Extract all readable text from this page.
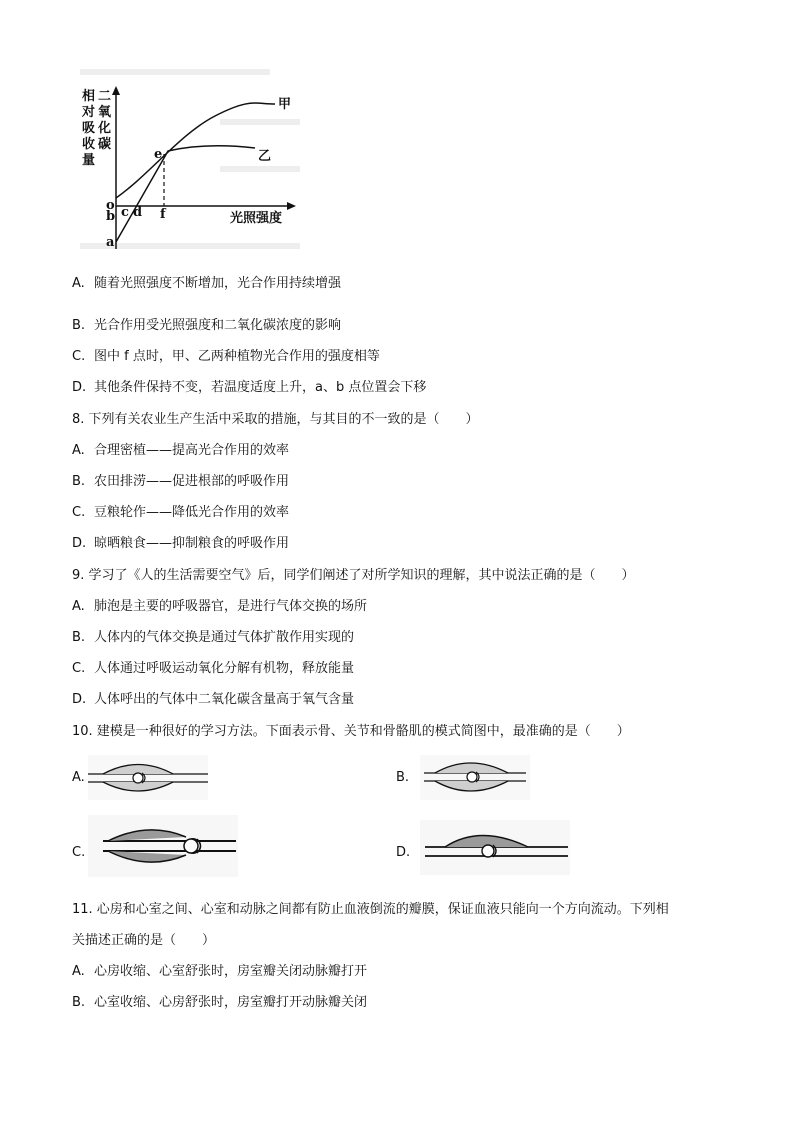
相
对
吸
收
量
二
氧
化
碳
甲
乙
e
o
b c d f
a
光照强度
A. 随着光照强度不断增加，光合作用持续增强
B. 光合作用受光照强度和二氧化碳浓度的影响
C. 图中 f 点时，甲、乙两种植物光合作用的强度相等
D. 其他条件保持不变，若温度适度上升，a、b 点位置会下移
8. 下列有关农业生产生活中采取的措施，与其目的不一致的是（　　）
A. 合理密植——提高光合作用的效率
B. 农田排涝——促进根部的呼吸作用
C. 豆粮轮作——降低光合作用的效率
D. 晾晒粮食——抑制粮食的呼吸作用
9. 学习了《人的生活需要空气》后，同学们阐述了对所学知识的理解，其中说法正确的是（　　）
A. 肺泡是主要的呼吸器官，是进行气体交换的场所
B. 人体内的气体交换是通过气体扩散作用实现的
C. 人体通过呼吸运动氧化分解有机物，释放能量
D. 人体呼出的气体中二氧化碳含量高于氧气含量
10. 建模是一种很好的学习方法。下面表示骨、关节和骨骼肌的模式简图中，最准确的是（　　）
A.	B.
C.	D.
11. 心房和心室之间、心室和动脉之间都有防止血液倒流的瓣膜，保证血液只能向一个方向流动。下列相
关描述正确的是（　　）
A. 心房收缩、心室舒张时，房室瓣关闭动脉瓣打开
B. 心室收缩、心房舒张时，房室瓣打开动脉瓣关闭
